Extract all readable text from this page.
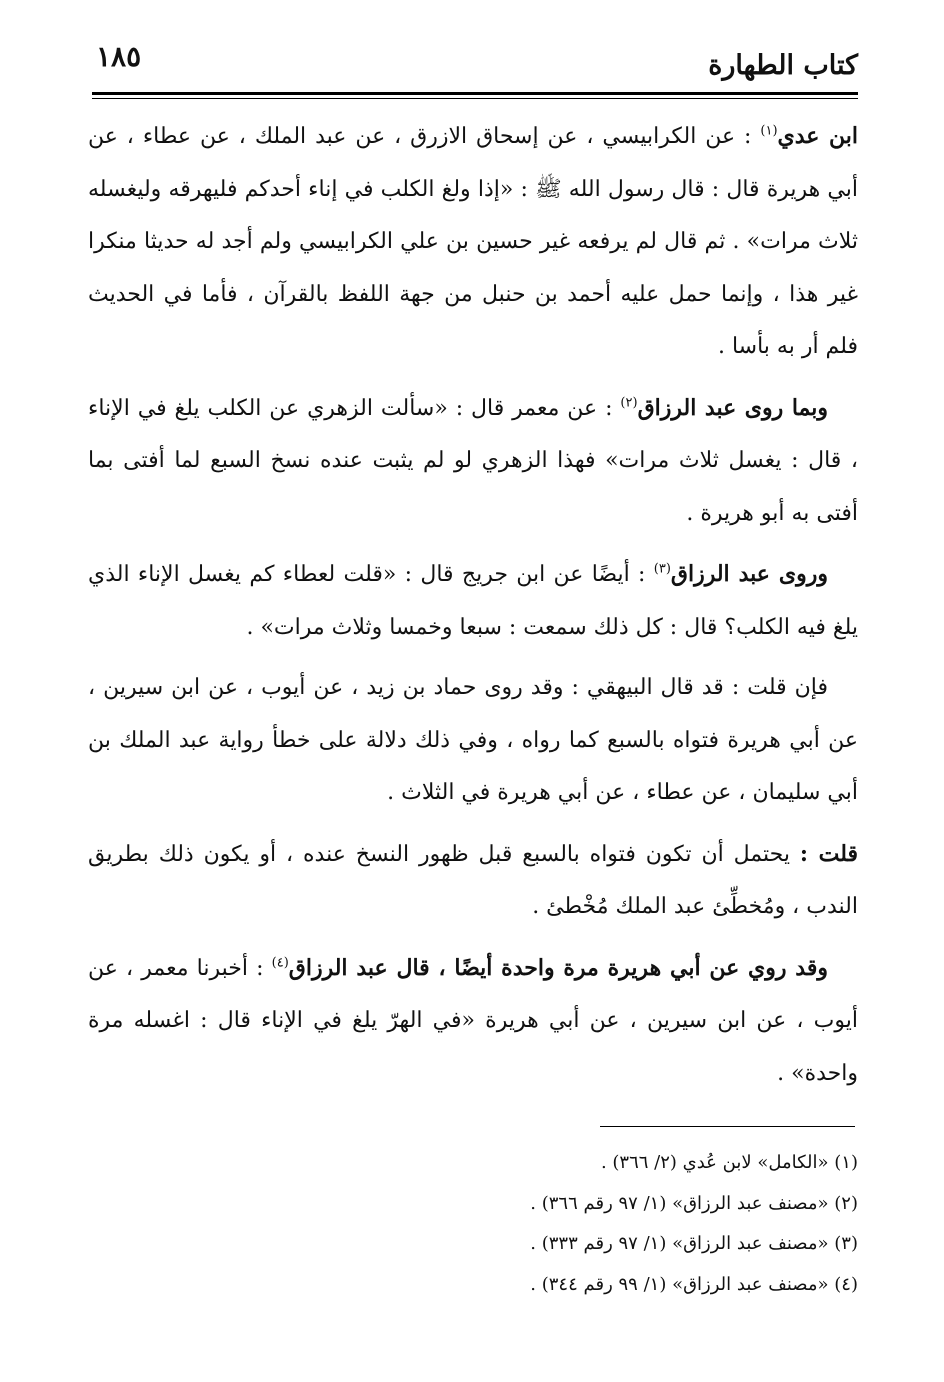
كتاب الطهارة
١٨٥

ابن عدي$^{(١)}$ : عن الكرابيسي ، عن إسحاق الازرق ، عن عبد الملك ، عن عطاء ، عن أبي هريرة قال : قال رسول الله ﷺ : «إذا ولغ الكلب في إناء أحدكم فليهرقه وليغسله ثلاث مرات» . ثم قال لم يرفعه غير حسين بن علي الكرابيسي ولم أجد له حديثا منكرا غير هذا ، وإنما حمل عليه أحمد بن حنبل من جهة اللفظ بالقرآن ، فأما في الحديث فلم أر به بأسا .

وبما روى عبد الرزاق$^{(٢)}$ : عن معمر قال : «سألت الزهري عن الكلب يلغ في الإناء ، قال : يغسل ثلاث مرات» فهذا الزهري لو لم يثبت عنده نسخ السبع لما أفتى بما أفتى به أبو هريرة .

وروى عبد الرزاق$^{(٣)}$ : أيضًا عن ابن جريج قال : «قلت لعطاء كم يغسل الإناء الذي يلغ فيه الكلب؟ قال : كل ذلك سمعت : سبعا وخمسا وثلاث مرات» .

فإن قلت : قد قال البيهقي : وقد روى حماد بن زيد ، عن أيوب ، عن ابن سيرين ، عن أبي هريرة فتواه بالسبع كما رواه ، وفي ذلك دلالة على خطأ رواية عبد الملك بن أبي سليمان ، عن عطاء ، عن أبي هريرة في الثلاث .

قلت : يحتمل أن تكون فتواه بالسبع قبل ظهور النسخ عنده ، أو يكون ذلك بطريق الندب ، ومُخطِّئ عبد الملك مُخْطئ .

وقد روي عن أبي هريرة مرة واحدة أيضًا ، قال عبد الرزاق$^{(٤)}$ : أخبرنا معمر ، عن أيوب ، عن ابن سيرين ، عن أبي هريرة «في الهرّ يلغ في الإناء قال : اغسله مرة واحدة» .

(١) «الكامل» لابن عُدي (٢/ ٣٦٦) .
(٢) «مصنف عبد الرزاق» (١/ ٩٧ رقم ٣٦٦) .
(٣) «مصنف عبد الرزاق» (١/ ٩٧ رقم ٣٣٣) .
(٤) «مصنف عبد الرزاق» (١/ ٩٩ رقم ٣٤٤) .
